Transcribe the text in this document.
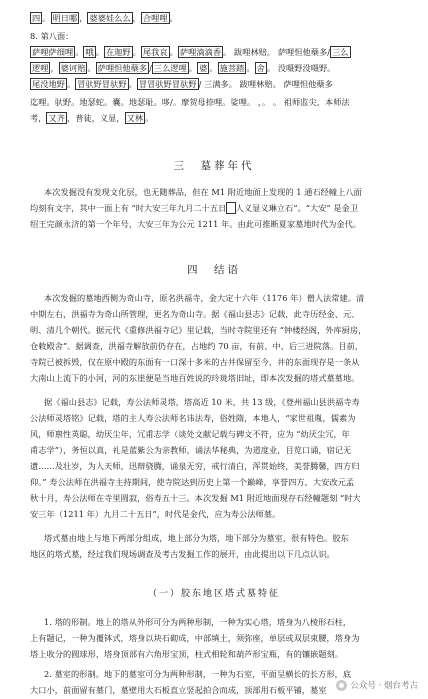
四 。 明日哪 ， 婆婆娃么么 ， 合哩哩 。
8. 第八面：
萨哩萨细哩 。 哦 。 在迦野 。 尾我哀 。 萨哩滴滴香 。 跋哩林赔。 萨哩怛他蘖多/ 三么
逻哩 ， 婆诃赔 。 萨哩怛他蘖多 / 三么逻哩 。 婆 。 施菩踏 。 舍 。 没嗫野没嗫野。
尾没地野 。 冒驮野冒驮野 。 冒冒驮野冒驮野 / 三满多。 跋哩林赔。 萨哩怛他蘖多
迄哩。驮野。地瑟蛇。囊。地瑟耻。哆/。摩贺母捺哩。娑哩。 ，。 。 祖师监尖，本师法
考， 又齐 ，普徒，义显， 又林 。
三　墓葬年代
本次发掘没有发现文化层，也无随葬品，但在 M1 附近地面上发现的 1 通石经幢上八面
均刻有文字，其中一面上有 “时大安三年九月二十五日 人义显义琳立石”。“大安” 是金卫
绍王完颜永济的第一个年号，大安三年为公元 1211 年。由此可推断夏家墓地时代为金代。
四　结语
本次发掘的墓地西侧为奇山寺，原名洪福寺，金大定十六年（1176 年）僧人法常建。清
中期左右，洪福寺为奇山所管理，更名为奇山寺。据《福山县志》记载，此寺历经金、元、
明、清几个朝代。据元代《重修洪福寺记》里记载，当时寺院里还有 “钟楼经阁，外库厨房，
仓敕殿舍”。据调查，洪福寺解放前仍存在，占地约 70 亩，有前、中、后三进院落。目前，
寺院已被拆毁，仅在原中殿的东面有一口深十多米的古井保留至今，井的东面现存是一条从
大南山上流下的小河，河的东崖便是当地百姓说的玲珑塔旧址，即本次发掘的塔式墓墓地。
据《福山县志》记载，寿公法师灵塔，塔高近 10 米，共 13 级，《登州福山县洪福寺寿
公法师灵塔铭》记载，塔的主人寿公法师名讳法寿，俗姓隋，本地人，“家世祖胤，儒素为
风，师禀性英聪，幼厌尘年，冗甫志学（谈处文献记载与碑文不符，应为 “幼厌尘冗，年
甫志学”），务恒以真，礼是蓝紫公为亲教师，诵法华秘典，为道度业，目览口诵，宿记无
遗……及壮岁，为人天师，迅辩骁腾，诵泉无穷，戒行清白，浑贯始终，美誉腾馨，四方归
仰。” 寿公法师在洪福寺主持期间，使寺院达到历史上第一个巅峰，享誉四方，大安改元孟
秋十月，寿公法师在寺里圆寂，俗寿五十三。本次发掘 M1 附近地面现存石经幢题刻 “时大
安三年（1211 年）九月二十五日”，时代是金代，应为寿公法师墓。
塔式墓由地上与地下两部分组成，地上部分为塔，地下部分为墓室，很有特色。胶东
地区的塔式墓，经过我们现场调查及考古发掘工作的展开，由此提出以下几点认识。
（一）胶东地区塔式墓特征
1. 塔的形制。地上的塔从外形可分为两种形制，一种为实心塔，塔身为八棱形石柱，
上有题记，一种为覆钵式，塔身以块石砌成，中部填土，须弥座，单层或双层束腰，塔身为
塔上收分的圆球形，塔身顶部有六角形宝顶，柱式相轮和葫芦形宝瓶，有的镶嵌题刻。
2. 墓室的形制。地下的墓室可分为两种形制，一种为石室，平面呈横长的长方形，底
大口小，前面留有墓门，墓壁用大石板直立竖起拍合而成，顶部用石板平铺，墓室	公众号 · 烟台考古
